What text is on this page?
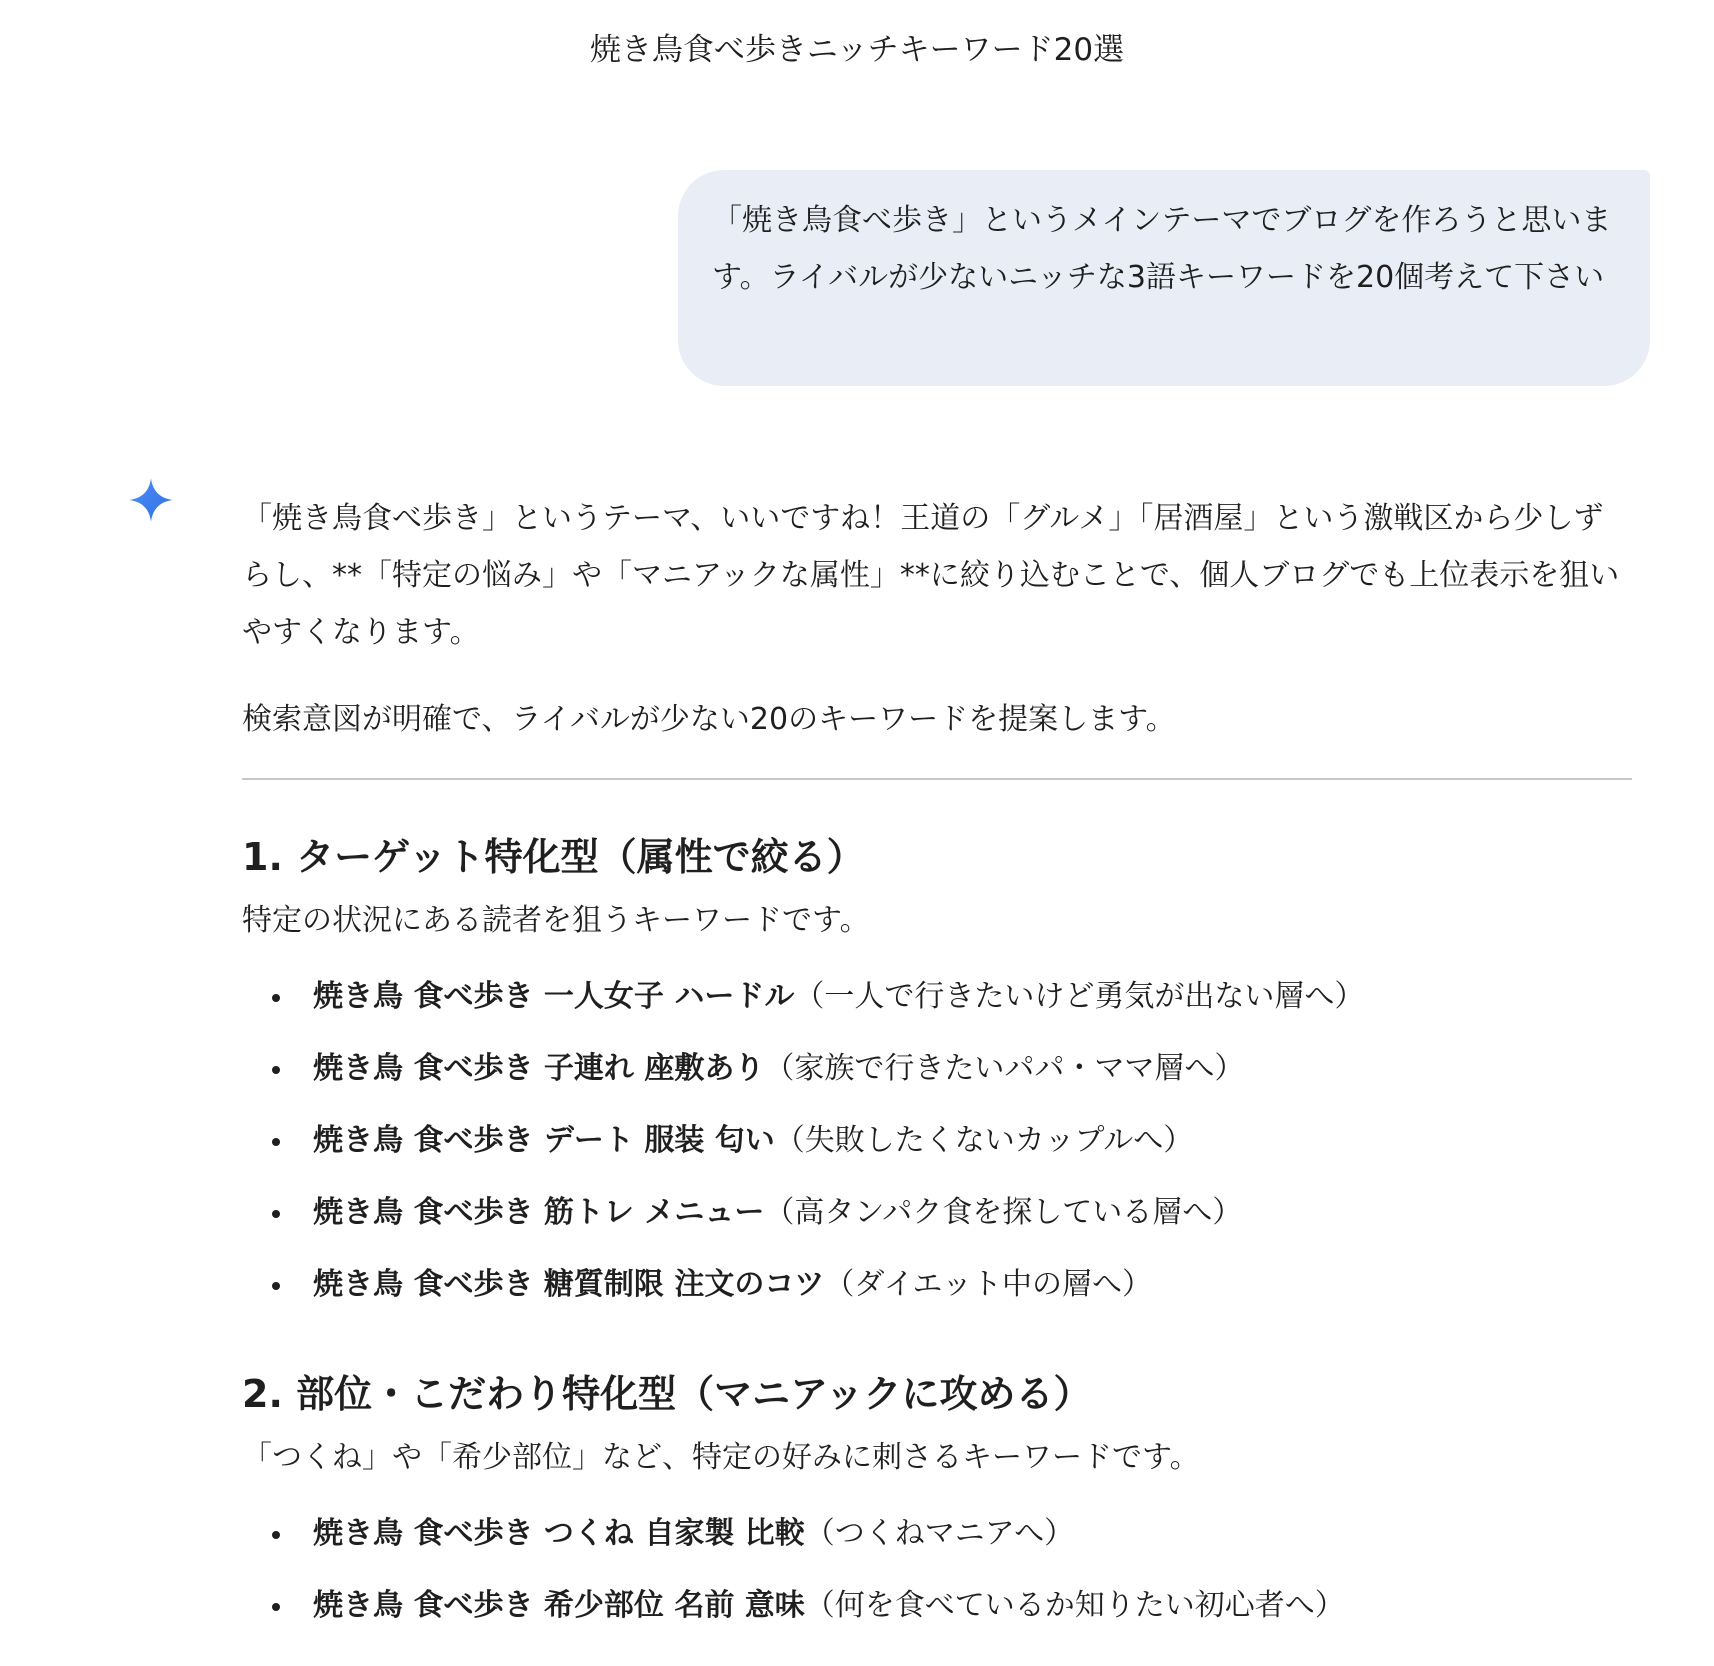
焼き鳥食べ歩きニッチキーワード20選
「焼き鳥食べ歩き」というメインテーマでブログを作ろうと思います。ライバルが少ないニッチな3語キーワードを20個考えて下さい

「焼き鳥食べ歩き」というテーマ、いいですね！王道の「グルメ」「居酒屋」という激戦区から少しずらし、**「特定の悩み」や「マニアックな属性」**に絞り込むことで、個人ブログでも上位表示を狙いやすくなります。

検索意図が明確で、ライバルが少ない20のキーワードを提案します。

1. ターゲット特化型（属性で絞る）

特定の状況にある読者を狙うキーワードです。

焼き鳥 食べ歩き 一人女子 ハードル（一人で行きたいけど勇気が出ない層へ）
焼き鳥 食べ歩き 子連れ 座敷あり（家族で行きたいパパ・ママ層へ）
焼き鳥 食べ歩き デート 服装 匂い（失敗したくないカップルへ）
焼き鳥 食べ歩き 筋トレ メニュー（高タンパク食を探している層へ）
焼き鳥 食べ歩き 糖質制限 注文のコツ（ダイエット中の層へ）
2. 部位・こだわり特化型（マニアックに攻める）

「つくね」や「希少部位」など、特定の好みに刺さるキーワードです。

焼き鳥 食べ歩き つくね 自家製 比較（つくねマニアへ）
焼き鳥 食べ歩き 希少部位 名前 意味（何を食べているか知りたい初心者へ）
